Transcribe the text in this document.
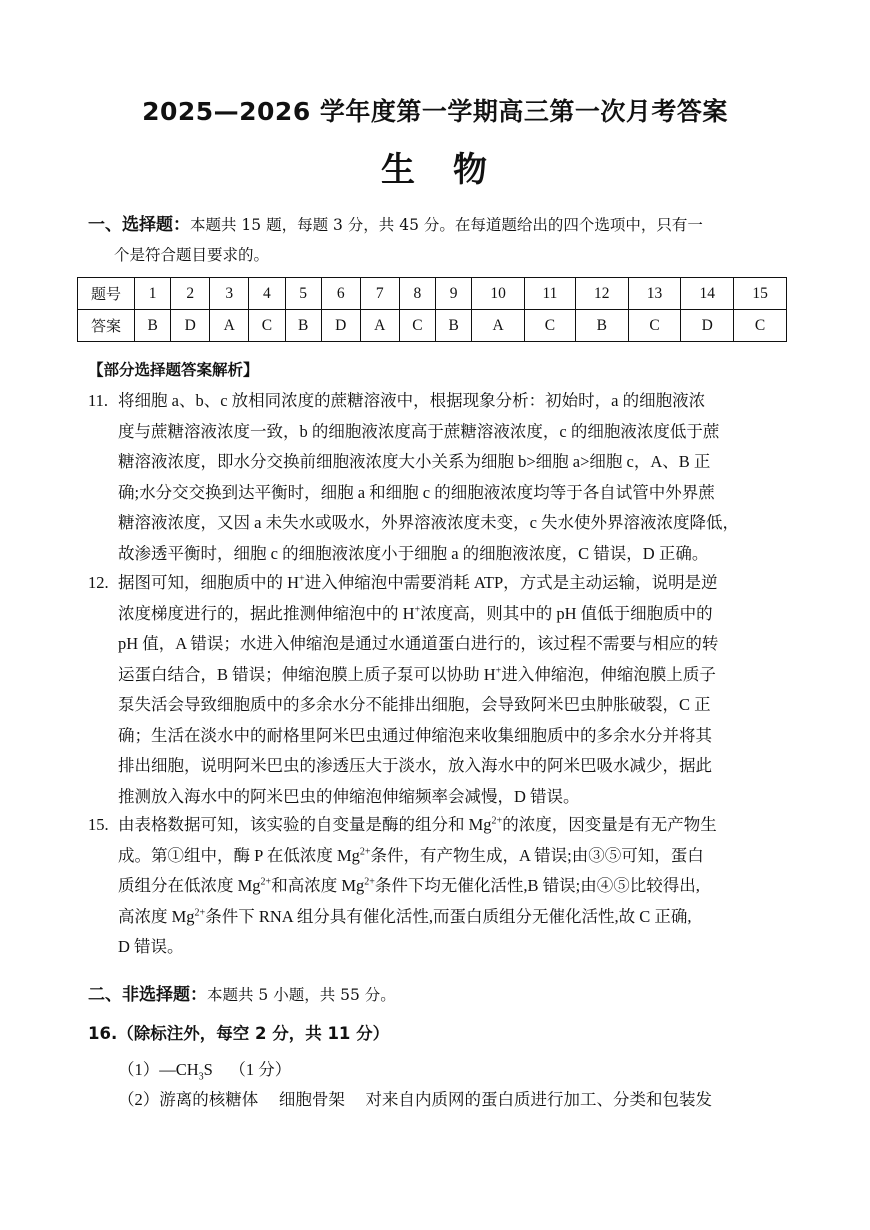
2025—2026 学年度第一学期高三第一次月考答案
生 物
一、选择题：本题共 15 题，每题 3 分，共 45 分。在每道题给出的四个选项中，只有一
个是符合题目要求的。
题号	1	2	3	4	5	6	7	8	9	10	11	12	13	14	15
答案	B	D	A	C	B	D	A	C	B	A	C	B	C	D	C
【部分选择题答案解析】
11. 将细胞 a、b、c 放相同浓度的蔗糖溶液中，根据现象分析：初始时，a 的细胞液浓
度与蔗糖溶液浓度一致，b 的细胞液浓度高于蔗糖溶液浓度，c 的细胞液浓度低于蔗
糖溶液浓度，即水分交换前细胞液浓度大小关系为细胞 b>细胞 a>细胞 c，A、B 正
确;水分交交换到达平衡时，细胞 a 和细胞 c 的细胞液浓度均等于各自试管中外界蔗
糖溶液浓度，又因 a 未失水或吸水，外界溶液浓度未变，c 失水使外界溶液浓度降低，
故渗透平衡时，细胞 c 的细胞液浓度小于细胞 a 的细胞液浓度，C 错误，D 正确。
12. 据图可知，细胞质中的 H+进入伸缩泡中需要消耗 ATP，方式是主动运输，说明是逆
浓度梯度进行的，据此推测伸缩泡中的 H+浓度高，则其中的 pH 值低于细胞质中的
pH 值，A 错误；水进入伸缩泡是通过水通道蛋白进行的，该过程不需要与相应的转
运蛋白结合，B 错误；伸缩泡膜上质子泵可以协助 H+进入伸缩泡，伸缩泡膜上质子
泵失活会导致细胞质中的多余水分不能排出细胞，会导致阿米巴虫肿胀破裂，C 正
确；生活在淡水中的耐格里阿米巴虫通过伸缩泡来收集细胞质中的多余水分并将其
排出细胞，说明阿米巴虫的渗透压大于淡水，放入海水中的阿米巴吸水减少，据此
推测放入海水中的阿米巴虫的伸缩泡伸缩频率会减慢，D 错误。
15. 由表格数据可知，该实验的自变量是酶的组分和 $Mg^{2+}$的浓度，因变量是有无产物生
成。第①组中，酶 P 在低浓度 $Mg^{2+}$条件，有产物生成，A 错误;由③⑤可知，蛋白
质组分在低浓度 $Mg^{2+}$和高浓度 $Mg^{2+}$条件下均无催化活性,B 错误;由④⑤比较得出,
高浓度 $Mg^{2+}$条件下 RNA 组分具有催化活性,而蛋白质组分无催化活性,故 C 正确,
D 错误。
二、非选择题：本题共 5 小题，共 55 分。
16.（除标注外，每空 2 分，共 11 分）
$(1)—CH_3S$    （1 分）
（2）游离的核糖体     细胞骨架     对来自内质网的蛋白质进行加工、分类和包装发
